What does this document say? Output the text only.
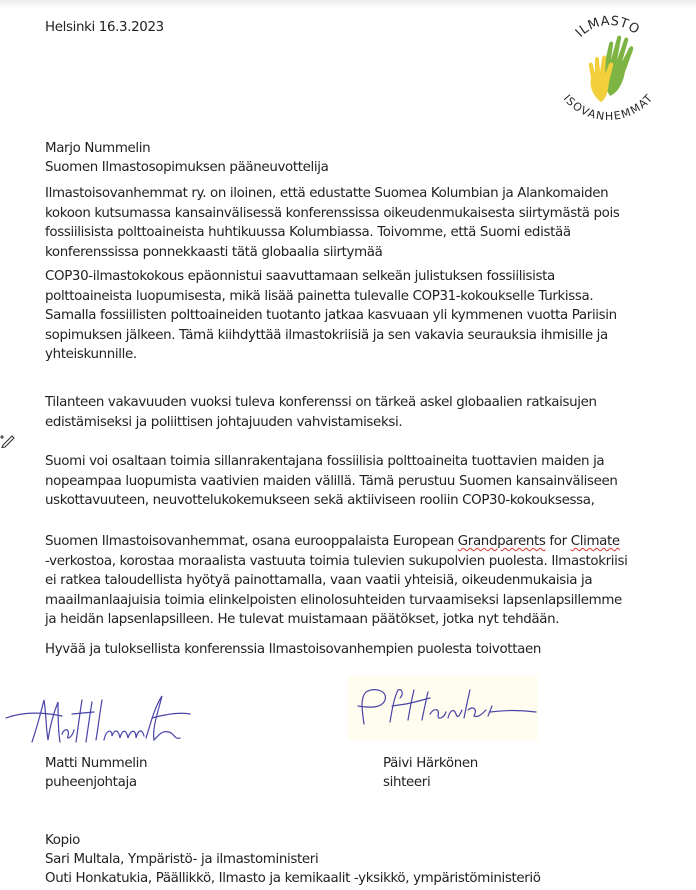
Helsinki 16.3.2023	ILMASTO
ISOVANHEMMAT
Marjo Nummelin
Suomen Ilmastosopimuksen pääneuvottelija
Ilmastoisovanhemmat ry. on iloinen, että edustatte Suomea Kolumbian ja Alankomaiden
kokoon kutsumassa kansainvälisessä konferenssissa oikeudenmukaisesta siirtymästä pois
fossiilisista polttoaineista huhtikuussa Kolumbiassa. Toivomme, että Suomi edistää
konferenssissa ponnekkaasti tätä globaalia siirtymää
COP30-ilmastokokous epäonnistui saavuttamaan selkeän julistuksen fossiilisista
polttoaineista luopumisesta, mikä lisää painetta tulevalle COP31-kokoukselle Turkissa.
Samalla fossiilisten polttoaineiden tuotanto jatkaa kasvuaan yli kymmenen vuotta Pariisin
sopimuksen jälkeen. Tämä kiihdyttää ilmastokriisiä ja sen vakavia seurauksia ihmisille ja
yhteiskunnille.
Tilanteen vakavuuden vuoksi tuleva konferenssi on tärkeä askel globaalien ratkaisujen
edistämiseksi ja poliittisen johtajuuden vahvistamiseksi.
Suomi voi osaltaan toimia sillanrakentajana fossiilisia polttoaineita tuottavien maiden ja
nopeampaa luopumista vaativien maiden välillä. Tämä perustuu Suomen kansainväliseen
uskottavuuteen, neuvottelukokemukseen sekä aktiiviseen rooliin COP30-kokouksessa,
Suomen Ilmastoisovanhemmat, osana eurooppalaista European Grandparents for Climate
-verkostoa, korostaa moraalista vastuuta toimia tulevien sukupolvien puolesta. Ilmastokriisi
ei ratkea taloudellista hyötyä painottamalla, vaan vaatii yhteisiä, oikeudenmukaisia ja
maailmanlaajuisia toimia elinkelpoisten elinolosuhteiden turvaamiseksi lapsenlapsillemme
ja heidän lapsenlapsilleen. He tulevat muistamaan päätökset, jotka nyt tehdään.
Hyvää ja tuloksellista konferenssia Ilmastoisovanhempien puolesta toivottaen
Matti Nummelin
puheenjohtaja
Päivi Härkönen
sihteeri
Kopio
Sari Multala, Ympäristö- ja ilmastoministeri
Outi Honkatukia, Päällikkö, Ilmasto ja kemikaalit -yksikkö, ympäristöministeriö
